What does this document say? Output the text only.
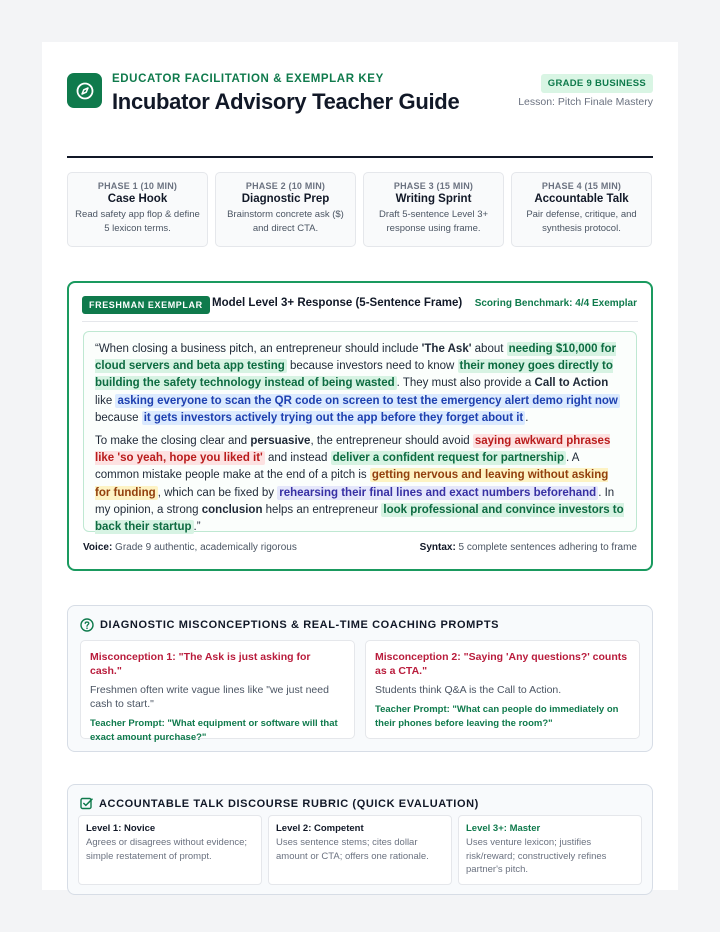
EDUCATOR FACILITATION & EXEMPLAR KEY
Incubator Advisory Teacher Guide
GRADE 9 BUSINESS
Lesson: Pitch Finale Mastery
PHASE 1 (10 MIN)
Case Hook
Read safety app flop & define 5 lexicon terms.
PHASE 2 (10 MIN)
Diagnostic Prep
Brainstorm concrete ask ($) and direct CTA.
PHASE 3 (15 MIN)
Writing Sprint
Draft 5-sentence Level 3+ response using frame.
PHASE 4 (15 MIN)
Accountable Talk
Pair defense, critique, and synthesis protocol.
FRESHMAN EXEMPLAR Model Level 3+ Response (5-Sentence Frame) Scoring Benchmark: 4/4 Exemplar

“When closing a business pitch, an entrepreneur should include 'The Ask' about needing $10,000 for cloud servers and beta app testing because investors need to know their money goes directly to building the safety technology instead of being wasted . They must also provide a Call to Action like asking everyone to scan the QR code on screen to test the emergency alert demo right now because it gets investors actively trying out the app before they forget about it .

To make the closing clear and persuasive, the entrepreneur should avoid saying awkward phrases like 'so yeah, hope you liked it' and instead deliver a confident request for partnership . A common mistake people make at the end of a pitch is getting nervous and leaving without asking for funding , which can be fixed by rehearsing their final lines and exact numbers beforehand . In my opinion, a strong conclusion helps an entrepreneur look professional and convince investors to back their startup .”

Voice: Grade 9 authentic, academically rigorous	Syntax: 5 complete sentences adhering to frame
DIAGNOSTIC MISCONCEPTIONS & REAL-TIME COACHING PROMPTS
Misconception 1: "The Ask is just asking for cash."
Freshmen often write vague lines like "we just need cash to start."
Teacher Prompt: "What equipment or software will that exact amount purchase?"
Misconception 2: "Saying 'Any questions?' counts as a CTA."
Students think Q&A is the Call to Action.
Teacher Prompt: "What can people do immediately on their phones before leaving the room?"
ACCOUNTABLE TALK DISCOURSE RUBRIC (QUICK EVALUATION)
Level 1: Novice
Agrees or disagrees without evidence; simple restatement of prompt.
Level 2: Competent
Uses sentence stems; cites dollar amount or CTA; offers one rationale.
Level 3+: Master
Uses venture lexicon; justifies risk/reward; constructively refines partner's pitch.
